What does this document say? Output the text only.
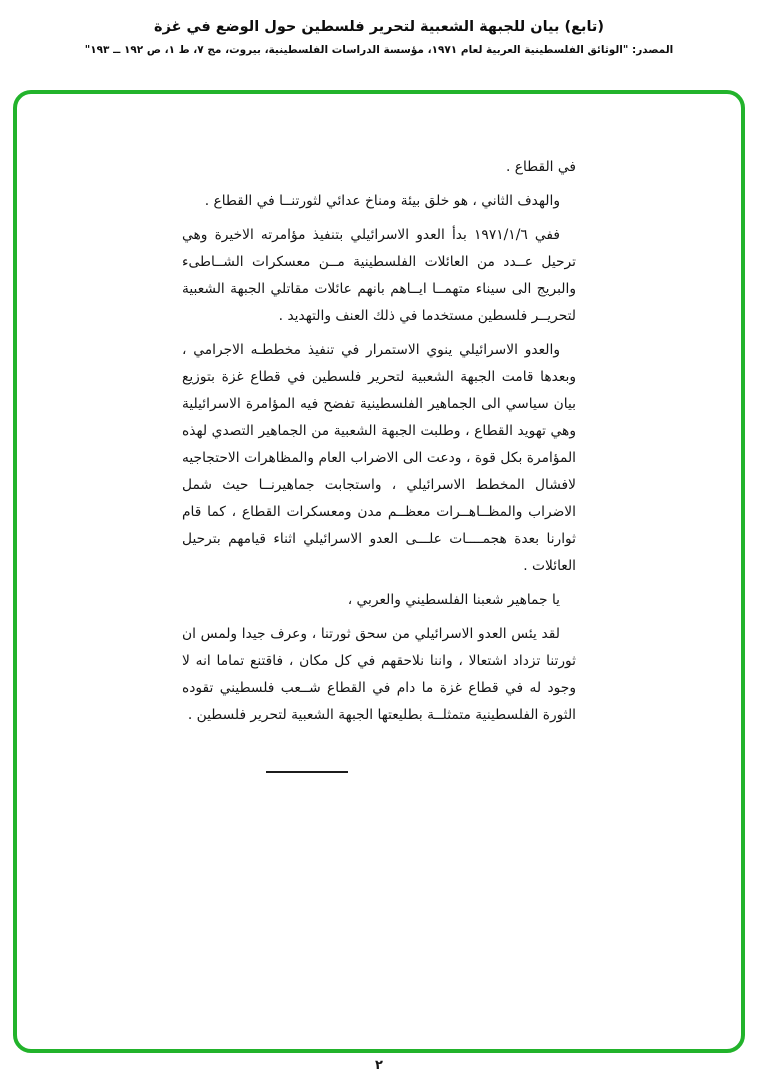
(تابع) بيان للجبهة الشعبية لتحرير فلسطين حول الوضع في غزة
المصدر: "الوثائق الفلسطينية العربية لعام ١٩٧١، مؤسسة الدراسات الفلسطينية، بيروت، مج ٧، ط ١، ص ١٩٢ ــ ١٩٣"

في القطاع .

والهدف الثاني ، هو خلق بيئة ومناخ عدائي لثورتنــا في القطاع .

ففي ١٩٧١/١/٦ بدأ العدو الاسرائيلي بتنفيذ مؤامرته الاخيرة وهي ترحيل عــدد من العائلات الفلسطينية مــن معسكرات الشــاطىء والبريج الى سيناء متهمــا ايــاهم بانهم عائلات مقاتلي الجبهة الشعبية لتحريــر فلسطين مستخدما في ذلك العنف والتهديد .

والعدو الاسرائيلي ينوي الاستمرار في تنفيذ مخططـه الاجرامي ، وبعدها قامت الجبهة الشعبية لتحرير فلسطين في قطاع غزة بتوزيع بيان سياسي الى الجماهير الفلسطينية تفضح فيه المؤامرة الاسرائيلية وهي تهويد القطاع ، وطلبت الجبهة الشعبية من الجماهير التصدي لهذه المؤامرة بكل قوة ، ودعت الى الاضراب العام والمظاهرات الاحتجاجيه لافشال المخطط الاسرائيلي ، واستجابت جماهيرنــا حيث شمل الاضراب والمظــاهــرات معظــم مدن ومعسكرات القطاع ، كما قام ثوارنا بعدة هجمــــات علـــى العدو الاسرائيلي اثناء قيامهم بترحيل العائلات .

يا جماهير شعبنا الفلسطيني والعربي ،

لقد يئس العدو الاسرائيلي من سحق ثورتنا ، وعرف جيدا ولمس ان ثورتنا تزداد اشتعالا ، واننا نلاحقهم في كل مكان ، فاقتنع تماما انه لا وجود له في قطاع غزة ما دام في القطاع شــعب فلسطيني تقوده الثورة الفلسطينية متمثلــة بطليعتها الجبهة الشعبية لتحرير فلسطين .

٢
